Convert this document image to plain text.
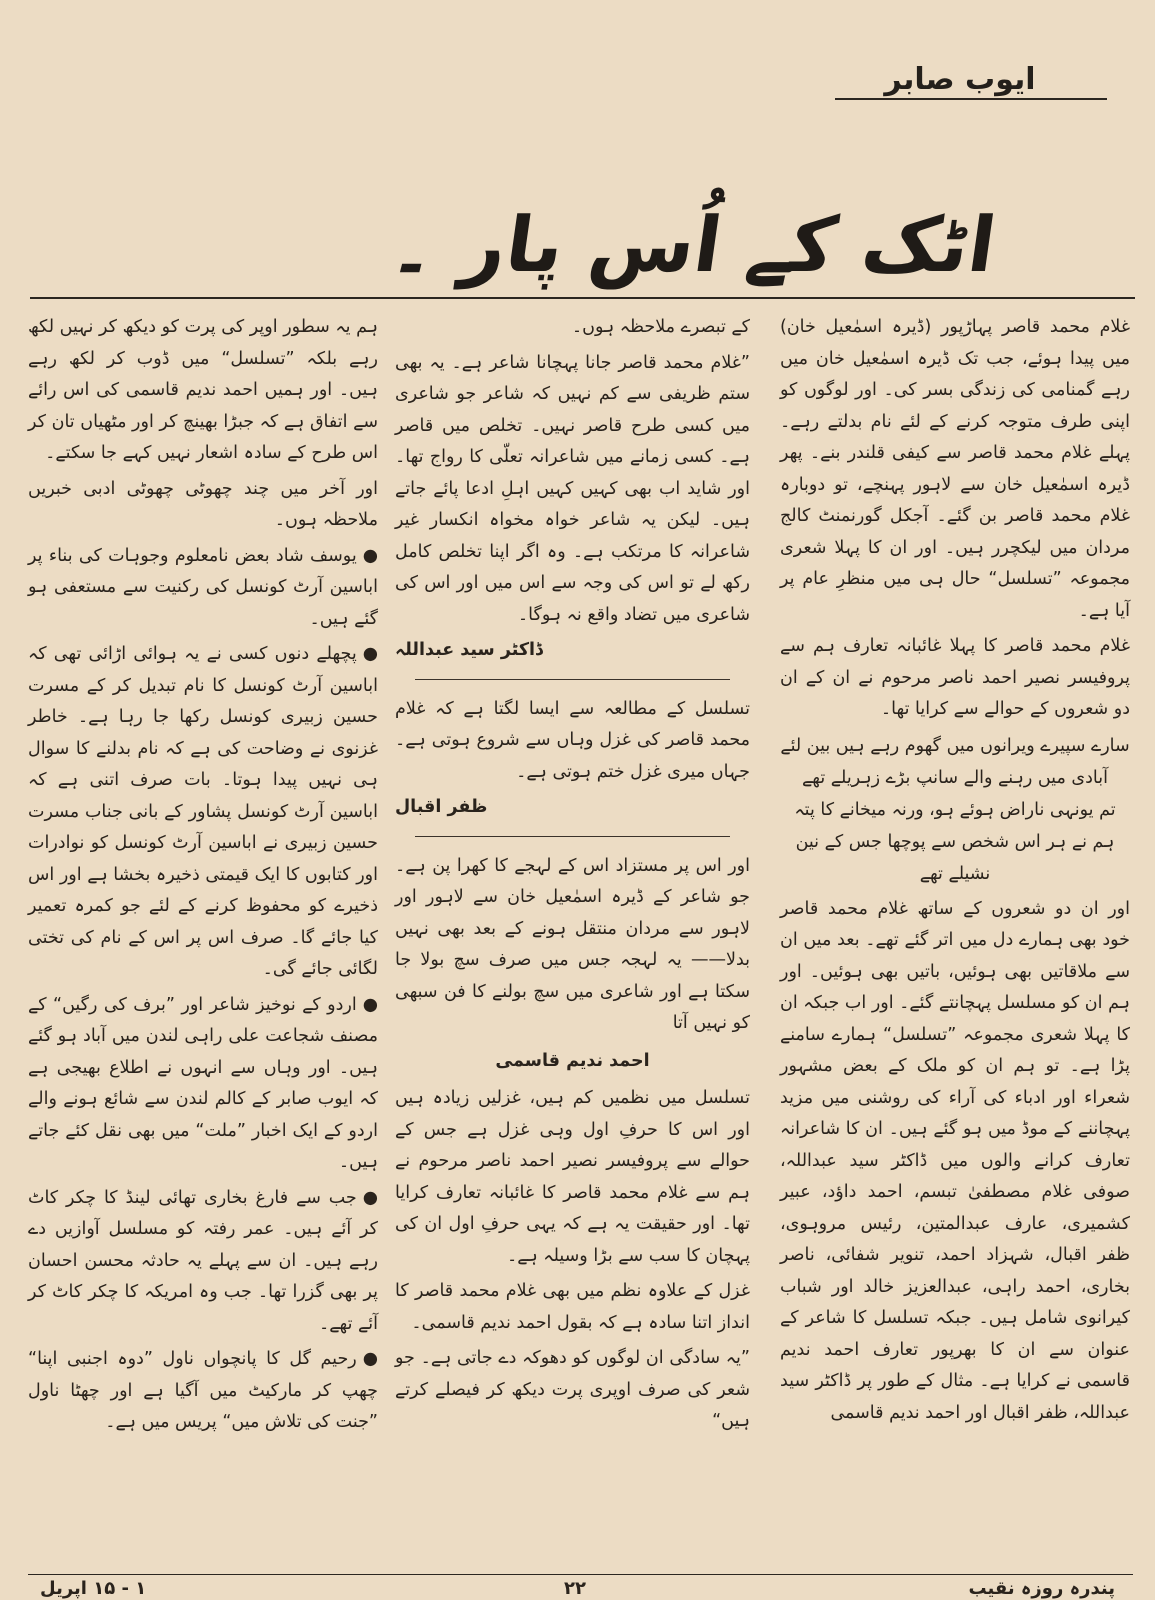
ایوب صابر
اٹک کے اُس پار ۔

غلام محمد قاصر پہاڑپور (ڈیرہ اسمٰعیل خان) میں پیدا ہوئے، جب تک ڈیرہ اسمٰعیل خان میں رہے گمنامی کی زندگی بسر کی۔ اور لوگوں کو اپنی طرف متوجہ کرنے کے لئے نام بدلتے رہے۔ پہلے غلام محمد قاصر سے کیفی قلندر بنے۔ پھر ڈیرہ اسمٰعیل خان سے لاہور پہنچے، تو دوبارہ غلام محمد قاصر بن گئے۔ آجکل گورنمنٹ کالج مردان میں لیکچرر ہیں۔ اور ان کا پہلا شعری مجموعہ ”تسلسل“ حال ہی میں منظرِ عام پر آیا ہے۔

غلام محمد قاصر کا پہلا غائبانہ تعارف ہم سے پروفیسر نصیر احمد ناصر مرحوم نے ان کے ان دو شعروں کے حوالے سے کرایا تھا۔

سارے سپیرے ویرانوں میں گھوم رہے ہیں بین لئے
آبادی میں رہنے والے سانپ بڑے زہریلے تھے
تم یونہی ناراض ہوئے ہو، ورنہ میخانے کا پتہ
ہم نے ہر اس شخص سے پوچھا جس کے نین نشیلے تھے

اور ان دو شعروں کے ساتھ غلام محمد قاصر خود بھی ہمارے دل میں اتر گئے تھے۔ بعد میں ان سے ملاقاتیں بھی ہوئیں، باتیں بھی ہوئیں۔ اور ہم ان کو مسلسل پہچانتے گئے۔ اور اب جبکہ ان کا پہلا شعری مجموعہ ”تسلسل“ ہمارے سامنے پڑا ہے۔ تو ہم ان کو ملک کے بعض مشہور شعراء اور ادباء کی آراء کی روشنی میں مزید پہچاننے کے موڈ میں ہو گئے ہیں۔ ان کا شاعرانہ تعارف کرانے والوں میں ڈاکٹر سید عبداللہ، صوفی غلام مصطفیٰ تبسم، احمد داؤد، عبیر کشمیری، عارف عبدالمتین، رئیس مروہوی، ظفر اقبال، شہزاد احمد، تنویر شفائی، ناصر بخاری، احمد راہی، عبدالعزیز خالد اور شباب کیرانوی شامل ہیں۔ جبکہ تسلسل کا شاعر کے عنوان سے ان کا بھرپور تعارف احمد ندیم قاسمی نے کرایا ہے۔ مثال کے طور پر ڈاکٹر سید عبداللہ، ظفر اقبال اور احمد ندیم قاسمی

کے تبصرے ملاحظہ ہوں۔

”غلام محمد قاصر جانا پہچانا شاعر ہے۔ یہ بھی ستم ظریفی سے کم نہیں کہ شاعر جو شاعری میں کسی طرح قاصر نہیں۔ تخلص میں قاصر ہے۔ کسی زمانے میں شاعرانہ تعلّی کا رواج تھا۔ اور شاید اب بھی کہیں کہیں اہلِ ادعا پائے جاتے ہیں۔ لیکن یہ شاعر خواہ مخواہ انکسار غیر شاعرانہ کا مرتکب ہے۔ وہ اگر اپنا تخلص کامل رکھ لے تو اس کی وجہ سے اس میں اور اس کی شاعری میں تضاد واقع نہ ہوگا۔

ڈاکٹر سید عبداللہ

تسلسل کے مطالعہ سے ایسا لگتا ہے کہ غلام محمد قاصر کی غزل وہاں سے شروع ہوتی ہے۔ جہاں میری غزل ختم ہوتی ہے۔

ظفر اقبال

اور اس پر مستزاد اس کے لہجے کا کھرا پن ہے۔ جو شاعر کے ڈیرہ اسمٰعیل خان سے لاہور اور لاہور سے مردان منتقل ہونے کے بعد بھی نہیں بدلا—— یہ لہجہ جس میں صرف سچ بولا جا سکتا ہے اور شاعری میں سچ بولنے کا فن سبھی کو نہیں آتا

احمد ندیم قاسمی

تسلسل میں نظمیں کم ہیں، غزلیں زیادہ ہیں اور اس کا حرفِ اول وہی غزل ہے جس کے حوالے سے پروفیسر نصیر احمد ناصر مرحوم نے ہم سے غلام محمد قاصر کا غائبانہ تعارف کرایا تھا۔ اور حقیقت یہ ہے کہ یہی حرفِ اول ان کی پہچان کا سب سے بڑا وسیلہ ہے۔

غزل کے علاوہ نظم میں بھی غلام محمد قاصر کا انداز اتنا سادہ ہے کہ بقول احمد ندیم قاسمی۔

”یہ سادگی ان لوگوں کو دھوکہ دے جاتی ہے۔ جو شعر کی صرف اوپری پرت دیکھ کر فیصلے کرتے ہیں“

ہم یہ سطور اوپر کی پرت کو دیکھ کر نہیں لکھ رہے بلکہ ”تسلسل“ میں ڈوب کر لکھ رہے ہیں۔ اور ہمیں احمد ندیم قاسمی کی اس رائے سے اتفاق ہے کہ جبڑا بھینچ کر اور مٹھیاں تان کر اس طرح کے سادہ اشعار نہیں کہے جا سکتے۔

اور آخر میں چند چھوٹی چھوٹی ادبی خبریں ملاحظہ ہوں۔

●یوسف شاد بعض نامعلوم وجوہات کی بناء پر اباسین آرٹ کونسل کی رکنیت سے مستعفی ہو گئے ہیں۔

●پچھلے دنوں کسی نے یہ ہوائی اڑائی تھی کہ اباسین آرٹ کونسل کا نام تبدیل کر کے مسرت حسین زبیری کونسل رکھا جا رہا ہے۔ خاطر غزنوی نے وضاحت کی ہے کہ نام بدلنے کا سوال ہی نہیں پیدا ہوتا۔ بات صرف اتنی ہے کہ اباسین آرٹ کونسل پشاور کے بانی جناب مسرت حسین زبیری نے اباسین آرٹ کونسل کو نوادرات اور کتابوں کا ایک قیمتی ذخیرہ بخشا ہے اور اس ذخیرے کو محفوظ کرنے کے لئے جو کمرہ تعمیر کیا جائے گا۔ صرف اس پر اس کے نام کی تختی لگائی جائے گی۔

●اردو کے نوخیز شاعر اور ”برف کی رگیں“ کے مصنف شجاعت علی راہی لندن میں آباد ہو گئے ہیں۔ اور وہاں سے انہوں نے اطلاع بھیجی ہے کہ ایوب صابر کے کالم لندن سے شائع ہونے والے اردو کے ایک اخبار ”ملت“ میں بھی نقل کئے جاتے ہیں۔

●جب سے فارغ بخاری تھائی لینڈ کا چکر کاٹ کر آئے ہیں۔ عمر رفتہ کو مسلسل آوازیں دے رہے ہیں۔ ان سے پہلے یہ حادثہ محسن احسان پر بھی گزرا تھا۔ جب وہ امریکہ کا چکر کاٹ کر آئے تھے۔

●رحیم گل کا پانچواں ناول ”دوہ اجنبی اپنا“ چھپ کر مارکیٹ میں آگیا ہے اور چھٹا ناول ”جنت کی تلاش میں“ پریس میں ہے۔

۱ - ۱۵ اپریل	۲۲	پندرہ روزہ نقیب
